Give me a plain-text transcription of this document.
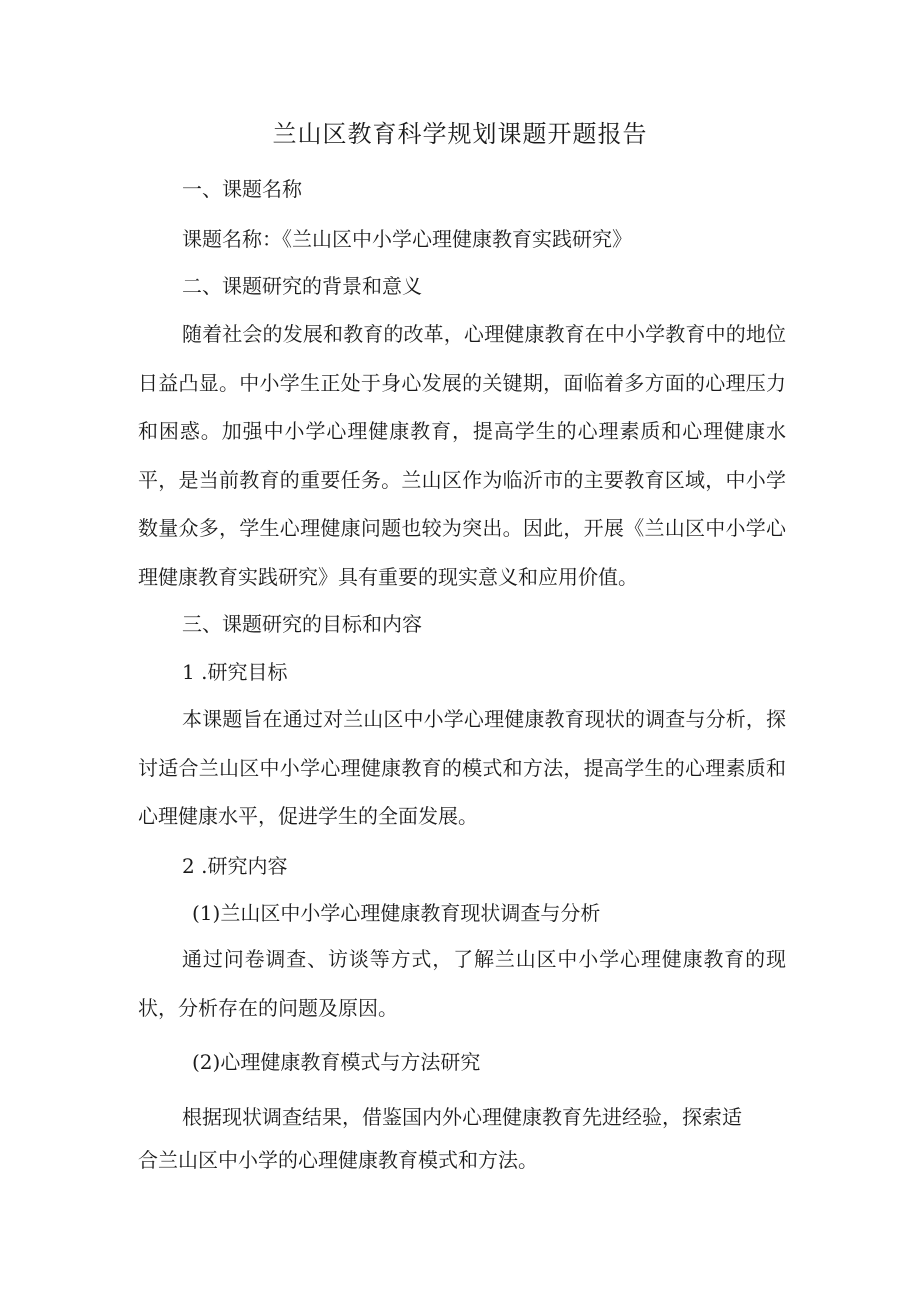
兰山区教育科学规划课题开题报告
一、课题名称
课题名称：《兰山区中小学心理健康教育实践研究》
二、课题研究的背景和意义
随着社会的发展和教育的改革，心理健康教育在中小学教育中的地位日益凸显。中小学生正处于身心发展的关键期，面临着多方面的心理压力和困惑。加强中小学心理健康教育，提高学生的心理素质和心理健康水平，是当前教育的重要任务。兰山区作为临沂市的主要教育区域，中小学数量众多，学生心理健康问题也较为突出。因此，开展《兰山区中小学心理健康教育实践研究》具有重要的现实意义和应用价值。
三、课题研究的目标和内容
1 .研究目标
本课题旨在通过对兰山区中小学心理健康教育现状的调查与分析，探讨适合兰山区中小学心理健康教育的模式和方法，提高学生的心理素质和心理健康水平，促进学生的全面发展。
2 .研究内容
(1)兰山区中小学心理健康教育现状调查与分析
通过问卷调查、访谈等方式，了解兰山区中小学心理健康教育的现状，分析存在的问题及原因。
(2)心理健康教育模式与方法研究
根据现状调查结果，借鉴国内外心理健康教育先进经验，探索适
合兰山区中小学的心理健康教育模式和方法。
